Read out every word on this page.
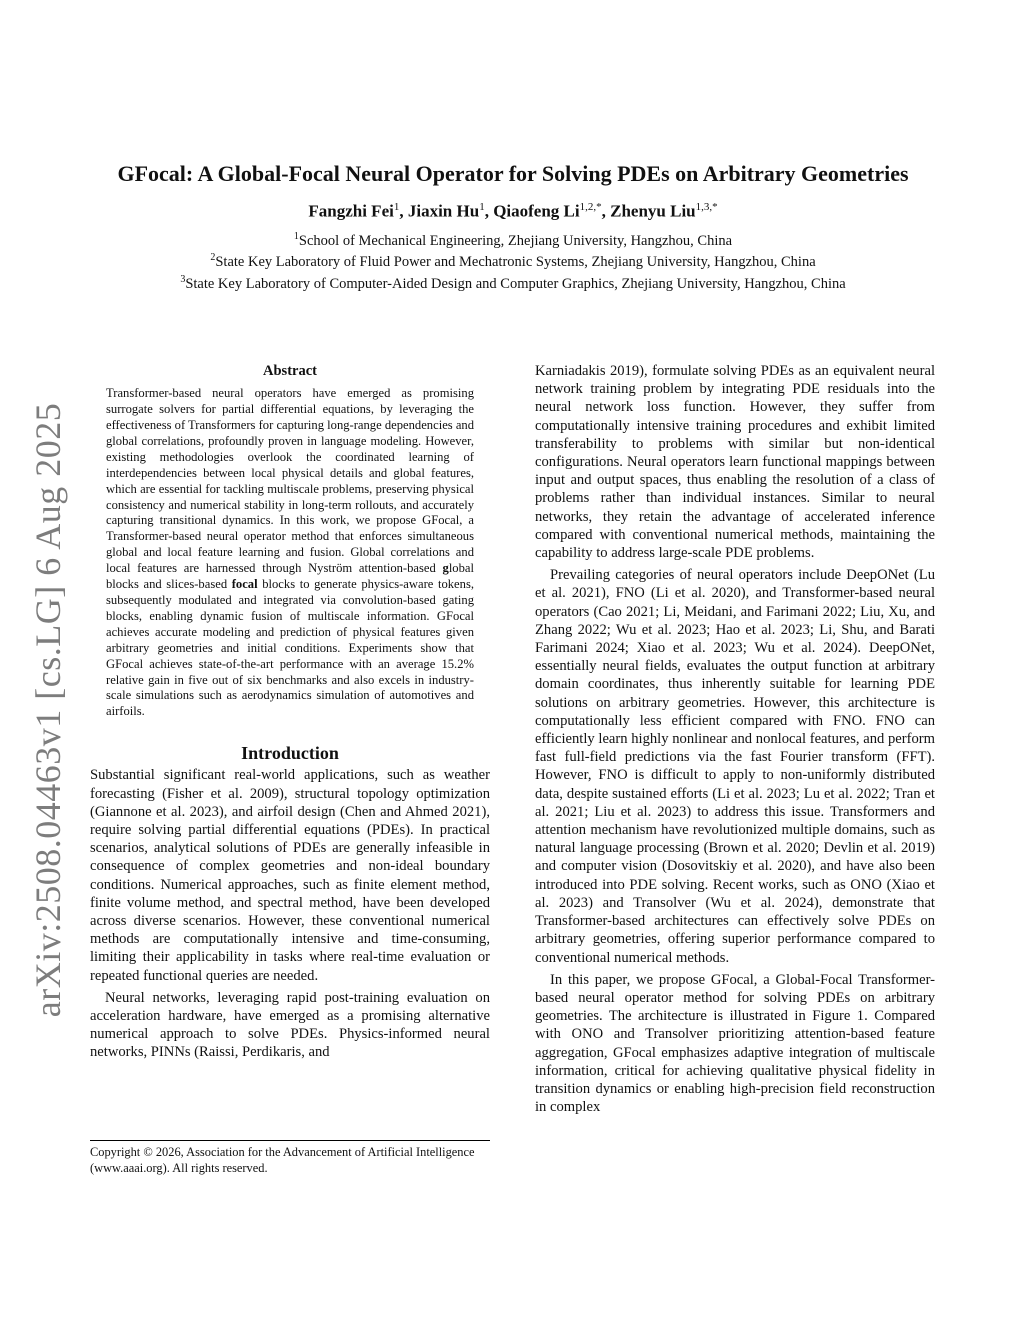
arXiv:2508.04463v1 [cs.LG] 6 Aug 2025
GFocal: A Global-Focal Neural Operator for Solving PDEs on Arbitrary Geometries
Fangzhi Fei$^1$, Jiaxin Hu$^1$, Qiaofeng $Li^{1,2,*}$, Zhenyu Liu$^{1,3,*}$
$^1$School of Mechanical Engineering, Zhejiang University, Hangzhou, China
$^2$State Key Laboratory of Fluid Power and Mechatronic Systems, Zhejiang University, Hangzhou, China
$^3$State Key Laboratory of Computer-Aided Design and Computer Graphics, Zhejiang University, Hangzhou, China
Abstract
Transformer-based neural operators have emerged as promising surrogate solvers for partial differential equations, by leveraging the effectiveness of Transformers for capturing long-range dependencies and global correlations, profoundly proven in language modeling. However, existing methodologies overlook the coordinated learning of interdependencies between local physical details and global features, which are essential for tackling multiscale problems, preserving physical consistency and numerical stability in long-term rollouts, and accurately capturing transitional dynamics. In this work, we propose GFocal, a Transformer-based neural operator method that enforces simultaneous global and local feature learning and fusion. Global correlations and local features are harnessed through Nyström attention-based global blocks and slices-based focal blocks to generate physics-aware tokens, subsequently modulated and integrated via convolution-based gating blocks, enabling dynamic fusion of multiscale information. GFocal achieves accurate modeling and prediction of physical features given arbitrary geometries and initial conditions. Experiments show that GFocal achieves state-of-the-art performance with an average 15.2% relative gain in five out of six benchmarks and also excels in industry-scale simulations such as aerodynamics simulation of automotives and airfoils.
Introduction

Substantial significant real-world applications, such as weather forecasting (Fisher et al. 2009), structural topology optimization (Giannone et al. 2023), and airfoil design (Chen and Ahmed 2021), require solving partial differential equations (PDEs). In practical scenarios, analytical solutions of PDEs are generally infeasible in consequence of complex geometries and non-ideal boundary conditions. Numerical approaches, such as finite element method, finite volume method, and spectral method, have been developed across diverse scenarios. However, these conventional numerical methods are computationally intensive and time-consuming, limiting their applicability in tasks where real-time evaluation or repeated functional queries are needed.

Neural networks, leveraging rapid post-training evaluation on acceleration hardware, have emerged as a promising alternative numerical approach to solve PDEs. Physics-informed neural networks, PINNs (Raissi, Perdikaris, and

Copyright © 2026, Association for the Advancement of Artificial Intelligence (www.aaai.org). All rights reserved.

Karniadakis 2019), formulate solving PDEs as an equivalent neural network training problem by integrating PDE residuals into the neural network loss function. However, they suffer from computationally intensive training procedures and exhibit limited transferability to problems with similar but non-identical configurations. Neural operators learn functional mappings between input and output spaces, thus enabling the resolution of a class of problems rather than individual instances. Similar to neural networks, they retain the advantage of accelerated inference compared with conventional numerical methods, maintaining the capability to address large-scale PDE problems.

Prevailing categories of neural operators include DeepONet (Lu et al. 2021), FNO (Li et al. 2020), and Transformer-based neural operators (Cao 2021; Li, Meidani, and Farimani 2022; Liu, Xu, and Zhang 2022; Wu et al. 2023; Hao et al. 2023; Li, Shu, and Barati Farimani 2024; Xiao et al. 2023; Wu et al. 2024). DeepONet, essentially neural fields, evaluates the output function at arbitrary domain coordinates, thus inherently suitable for learning PDE solutions on arbitrary geometries. However, this architecture is computationally less efficient compared with FNO. FNO can efficiently learn highly nonlinear and nonlocal features, and perform fast full-field predictions via the fast Fourier transform (FFT). However, FNO is difficult to apply to non-uniformly distributed data, despite sustained efforts (Li et al. 2023; Lu et al. 2022; Tran et al. 2021; Liu et al. 2023) to address this issue. Transformers and attention mechanism have revolutionized multiple domains, such as natural language processing (Brown et al. 2020; Devlin et al. 2019) and computer vision (Dosovitskiy et al. 2020), and have also been introduced into PDE solving. Recent works, such as ONO (Xiao et al. 2023) and Transolver (Wu et al. 2024), demonstrate that Transformer-based architectures can effectively solve PDEs on arbitrary geometries, offering superior performance compared to conventional numerical methods.

In this paper, we propose GFocal, a Global-Focal Transformer-based neural operator method for solving PDEs on arbitrary geometries. The architecture is illustrated in Figure 1. Compared with ONO and Transolver prioritizing attention-based feature aggregation, GFocal emphasizes adaptive integration of multiscale information, critical for achieving qualitative physical fidelity in transition dynamics or enabling high-precision field reconstruction in complex
